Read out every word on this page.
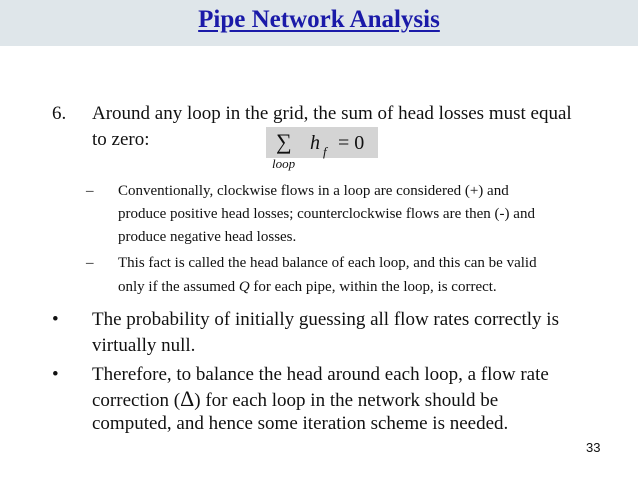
Pipe Network Analysis
6. Around any loop in the grid, the sum of head losses must equal
to zero:	∑ h f = 0
loop
– Conventionally, clockwise flows in a loop are considered (+) and
produce positive head losses; counterclockwise flows are then (-) and
produce negative head losses.
– This fact is called the head balance of each loop, and this can be valid
only if the assumed Q for each pipe, within the loop, is correct.
• The probability of initially guessing all flow rates correctly is
virtually null.
• Therefore, to balance the head around each loop, a flow rate
correction (Δ) for each loop in the network should be
computed, and hence some iteration scheme is needed.
33
